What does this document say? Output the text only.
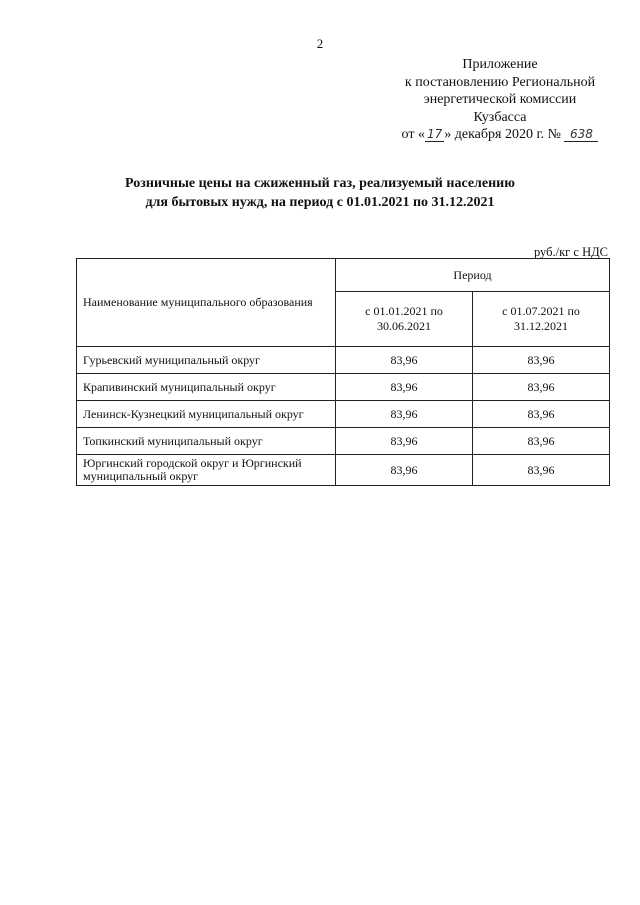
2
Приложение
к постановлению Региональной
энергетической комиссии
Кузбасса
от « 17 » декабря 2020 г. № 638
Розничные цены на сжиженный газ, реализуемый населению
для бытовых нужд, на период с 01.01.2021 по 31.12.2021
руб./кг с НДС
Наименование муниципального образования	Период	
	с 01.01.2021 по 30.06.2021	с 01.07.2021 по 31.12.2021
Гурьевский муниципальный округ	83,96	83,96
Крапивинский муниципальный округ	83,96	83,96
Ленинск-Кузнецкий муниципальный округ	83,96	83,96
Топкинский муниципальный округ	83,96	83,96
Юргинский городской округ и Юргинский муниципальный округ	83,96	83,96
